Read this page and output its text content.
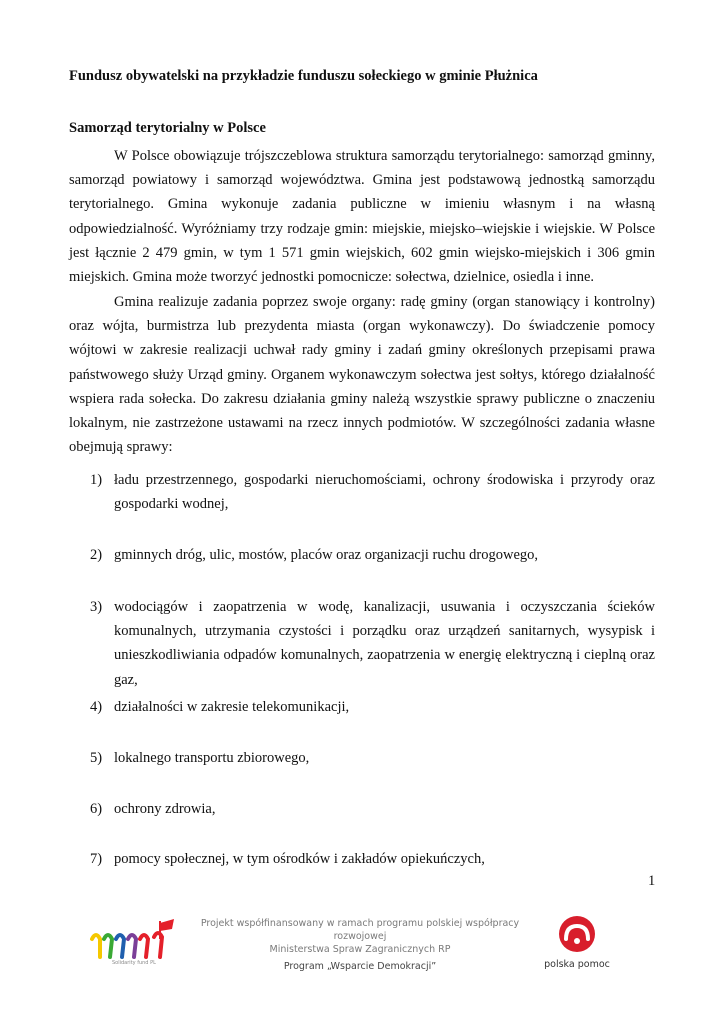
Fundusz obywatelski na przykładzie funduszu sołeckiego w gminie Płużnica
Samorząd terytorialny w Polsce

W Polsce obowiązuje trójszczeblowa struktura samorządu terytorialnego: samorząd gminny, samorząd powiatowy i samorząd województwa. Gmina jest podstawową jednostką samorządu terytorialnego. Gmina wykonuje zadania publiczne w imieniu własnym i na własną odpowiedzialność. Wyróżniamy trzy rodzaje gmin: miejskie, miejsko–wiejskie i wiejskie. W Polsce jest łącznie 2 479 gmin, w tym 1 571 gmin wiejskich, 602 gmin wiejsko-miejskich i 306 gmin miejskich. Gmina może tworzyć jednostki pomocnicze: sołectwa, dzielnice, osiedla i inne.

Gmina realizuje zadania poprzez swoje organy: radę gminy (organ stanowiący i kontrolny) oraz wójta, burmistrza lub prezydenta miasta (organ wykonawczy). Do świadczenie pomocy wójtowi w zakresie realizacji uchwał rady gminy i zadań gminy określonych przepisami prawa państwowego służy Urząd gminy. Organem wykonawczym sołectwa jest sołtys, którego działalność wspiera rada sołecka. Do zakresu działania gminy należą wszystkie sprawy publiczne o znaczeniu lokalnym, nie zastrzeżone ustawami na rzecz innych podmiotów. W szczególności zadania własne obejmują sprawy:

1) ładu przestrzennego, gospodarki nieruchomościami, ochrony środowiska i przyrody oraz gospodarki wodnej,
2) gminnych dróg, ulic, mostów, placów oraz organizacji ruchu drogowego,
3) wodociągów i zaopatrzenia w wodę, kanalizacji, usuwania i oczyszczania ścieków komunalnych, utrzymania czystości i porządku oraz urządzeń sanitarnych, wysypisk i unieszkodliwiania odpadów komunalnych, zaopatrzenia w energię elektryczną i cieplną oraz gaz,
4) działalności w zakresie telekomunikacji,
5) lokalnego transportu zbiorowego,
6) ochrony zdrowia,
7) pomocy społecznej, w tym ośrodków i zakładów opiekuńczych,
1
Solidarity fund PL
Projekt współfinansowany w ramach programu polskiej współpracy rozwojowej
Ministerstwa Spraw Zagranicznych RP
Program „Wsparcie Demokracji”	polska pomoc
